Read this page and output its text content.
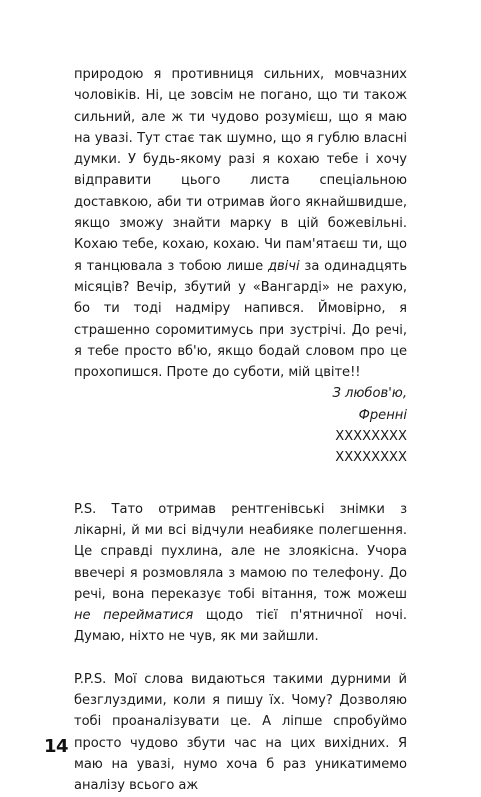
природою я противниця сильних, мовчазних чоловіків. Ні, це зовсім не погано, що ти також сильний, але ж ти чудово розумієш, що я маю на увазі. Тут стає так шумно, що я гублю власні думки. У будь-якому разі я кохаю тебе і хочу відправити цього листа спеціальною доставкою, аби ти отримав його якнайшвидше, якщо зможу знайти марку в цій божевільні. Кохаю тебе, кохаю, кохаю. Чи пам'ятаєш ти, що я танцювала з тобою лише двічі за одинадцять місяців? Вечір, збутий у «Вангарді» не рахую, бо ти тоді надміру напився. Ймовірно, я страшенно соромитимусь при зустрічі. До речі, я тебе просто вб'ю, якщо бодай словом про це прохопишся. Проте до суботи, мій цвіте!!

З любов'ю,
Френні
XXXXXXXX
XXXXXXXX

P.S. Тато отримав рентгенівські знімки з лікарні, й ми всі відчули неабияке полегшення. Це справді пухлина, але не злоякісна. Учора ввечері я розмовляла з мамою по телефону. До речі, вона переказує тобі вітання, тож можеш не перейматися щодо тієї п'ятничної ночі. Думаю, ніхто не чув, як ми зайшли.

P.P.S. Мої слова видаються такими дурними й безглуздими, коли я пишу їх. Чому? Дозволяю тобі проаналізувати це. А ліпше спробуймо просто чудово збути час на цих вихідних. Я маю на увазі, нумо хоча б раз уникатимемо аналізу всього аж

14
